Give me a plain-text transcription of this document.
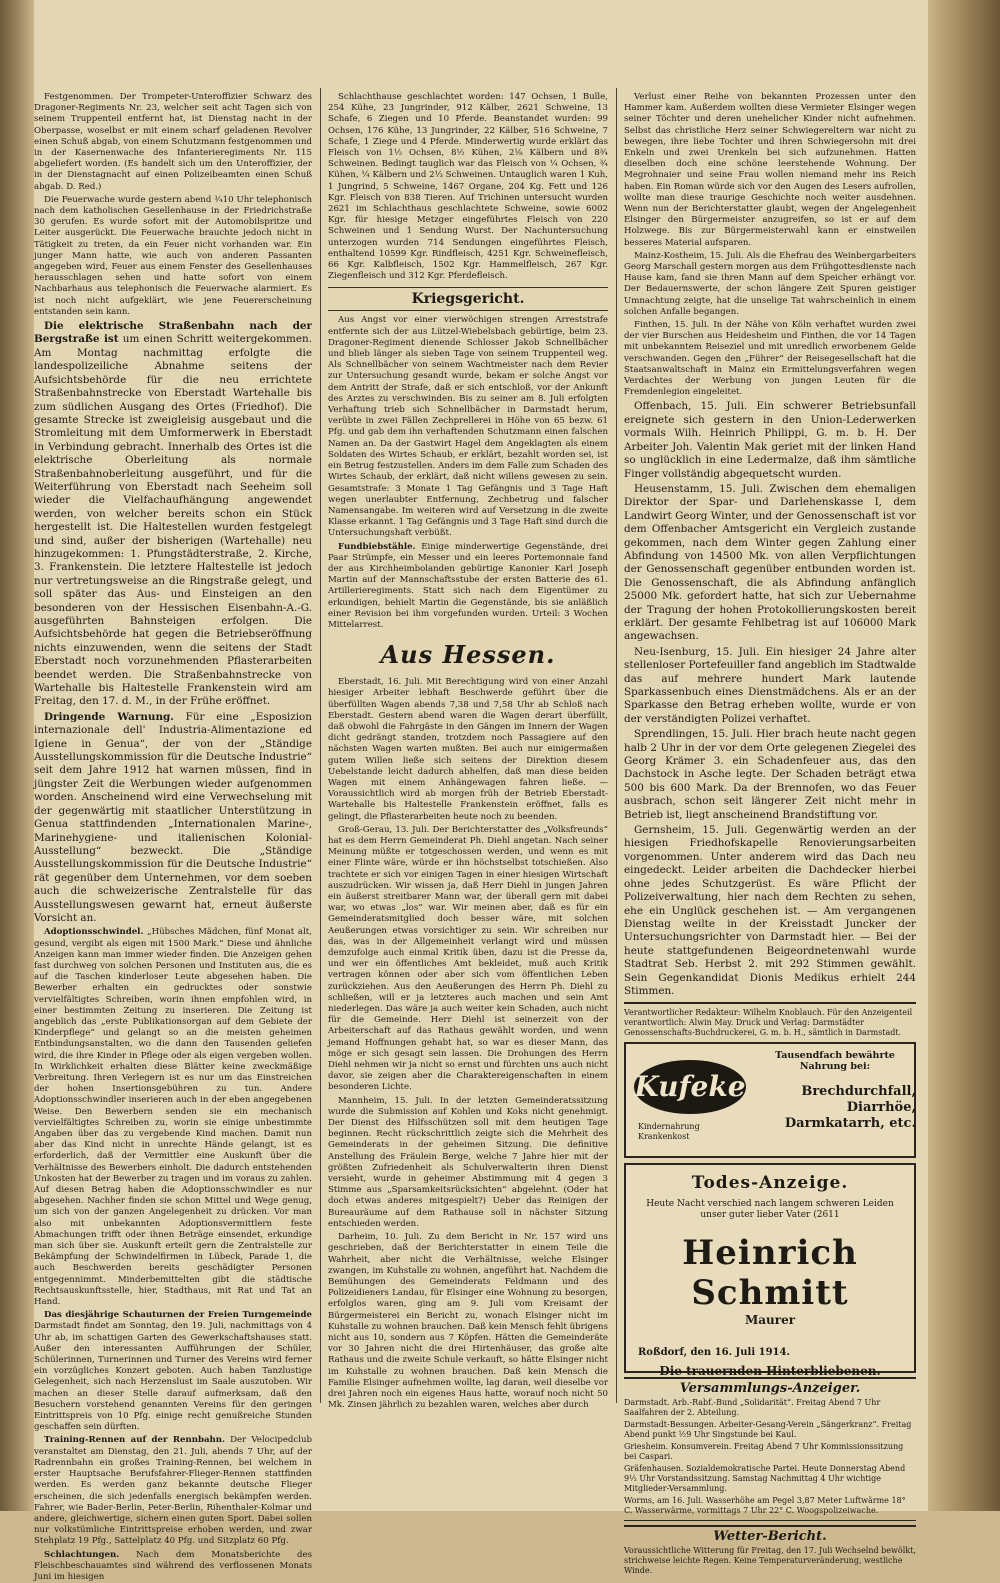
Festgenommen. Der Trompeter-Unteroffizier Schwarz des Dragoner-Regiments Nr. 23, welcher seit acht Tagen sich von seinem Truppenteil entfernt hat, ist Dienstag nacht in der Oberpasse, woselbst er mit einem scharf geladenen Revolver einen Schuß abgab, von einem Schutzmann festgenommen und in der Kasernenwache des Infanterieregiments Nr. 115 abgeliefert worden. (Es handelt sich um den Unteroffizier, der in der Dienstagnacht auf einen Polizeibeamten einen Schuß abgab. D. Red.)

Die Feuerwache wurde gestern abend ¾10 Uhr telephonisch nach dem katholischen Gesellenhause in der Friedrichstraße 30 gerufen. Es wurde sofort mit der Automobilspritze und Leiter ausgerückt. Die Feuerwache brauchte jedoch nicht in Tätigkeit zu treten, da ein Feuer nicht vorhanden war. Ein junger Mann hatte, wie auch von anderen Passanten angegeben wird, Feuer aus einem Fenster des Gesellenhauses herausschlagen sehen und hatte sofort von einem Nachbarhaus aus telephonisch die Feuerwache alarmiert. Es ist noch nicht aufgeklärt, wie jene Feuererscheinung entstanden sein kann.

Die elektrische Straßenbahn nach der Bergstraße ist um einen Schritt weitergekommen. Am Montag nachmittag erfolgte die landespolizeiliche Abnahme seitens der Aufsichtsbehörde für die neu errichtete Straßenbahnstrecke von Eberstadt Wartehalle bis zum südlichen Ausgang des Ortes (Friedhof). Die gesamte Strecke ist zweigleisig ausgebaut und die Stromleitung mit dem Umformerwerk in Eberstadt in Verbindung gebracht. Innerhalb des Ortes ist die elektrische Oberleitung als normale Straßenbahnoberleitung ausgeführt, und für die Weiterführung von Eberstadt nach Seeheim soll wieder die Vielfachaufhängung angewendet werden, von welcher bereits schon ein Stück hergestellt ist. Die Haltestellen wurden festgelegt und sind, außer der bisherigen (Wartehalle) neu hinzugekommen: 1. Pfungstädterstraße, 2. Kirche, 3. Frankenstein. Die letztere Haltestelle ist jedoch nur vertretungsweise an die Ringstraße gelegt, und soll später das Aus- und Einsteigen an den besonderen von der Hessischen Eisenbahn-A.-G. ausgeführten Bahnsteigen erfolgen. Die Aufsichtsbehörde hat gegen die Betriebseröffnung nichts einzuwenden, wenn die seitens der Stadt Eberstadt noch vorzunehmenden Pflasterarbeiten beendet werden. Die Straßenbahnstrecke von Wartehalle bis Haltestelle Frankenstein wird am Freitag, den 17. d. M., in der Frühe eröffnet.

Dringende Warnung. Für eine „Esposizion internazionale dell' Industria-Alimentazione ed Igiene in Genua“, der von der „Ständige Ausstellungskommission für die Deutsche Industrie“ seit dem Jahre 1912 hat warnen müssen, find in jüngster Zeit die Werbungen wieder aufgenommen worden. Anscheinend wird eine Verwechselung mit der gegenwärtig mit staatlicher Unterstützung in Genua stattfindenden „Internationalen Marine-, Marinehygiene- und italienischen Kolonial-Ausstellung“ bezweckt. Die „Ständige Ausstellungskommission für die Deutsche Industrie“ rät gegenüber dem Unternehmen, vor dem soeben auch die schweizerische Zentralstelle für das Ausstellungswesen gewarnt hat, erneut äußerste Vorsicht an.

Adoptionsschwindel. „Hübsches Mädchen, fünf Monat alt, gesund, vergibt als eigen mit 1500 Mark.“ Diese und ähnliche Anzeigen kann man immer wieder finden. Die Anzeigen gehen fast durchweg von solchen Personen und Instituten aus, die es auf die Taschen kinderloser Leute abgesehen haben. Die Bewerber erhalten ein gedrucktes oder sonstwie vervielfältigtes Schreiben, worin ihnen empfohlen wird, in einer bestimmten Zeitung zu inserieren. Die Zeitung ist angeblich das „erste Publikationsorgan auf dem Gebiete der Kinderpflege“ und gelangt so an die meisten geheimen Entbindungsanstalten, wo die dann den Tausenden geliefen wird, die ihre Kinder in Pflege oder als eigen vergeben wollen. In Wirklichkeit erhalten diese Blätter keine zweckmäßige Verbreitung. Ihren Verlegern ist es nur um das Einstreichen der hohen Insertionsgebühren zu tun. Andere Adoptionsschwindler inserieren auch in der eben angegebenen Weise. Den Bewerbern senden sie ein mechanisch vervielfältigtes Schreiben zu, worin sie einige unbestimmte Angaben über das zu vergebende Kind machen. Damit nun aber das Kind nicht in unrechte Hände gelangt, ist es erforderlich, daß der Vermittler eine Auskunft über die Verhältnisse des Bewerbers einholt. Die dadurch entstehenden Unkosten hat der Bewerber zu tragen und im voraus zu zahlen. Auf diesen Betrag haben die Adoptionsschwindler es nur abgesehen. Nachher finden sie schon Mittel und Wege genug, um sich von der ganzen Angelegenheit zu drücken. Vor man also mit unbekannten Adoptionsvermittlern feste Abmachungen trifft oder ihnen Beträge einsendet, erkundige man sich über sie. Auskunft erteilt gern die Zentralstelle zur Bekämpfung der Schwindelfirmen in Lübeck, Parade 1, die auch Beschwerden bereits geschädigter Personen entgegennimmt. Minderbemittelten gibt die städtische Rechtsauskunftsstelle, hier, Stadthaus, mit Rat und Tat an Hand.

Das diesjährige Schauturnen der Freien Turngemeinde Darmstadt findet am Sonntag, den 19. Juli, nachmittags von 4 Uhr ab, im schattigen Garten des Gewerkschaftshauses statt. Außer den interessanten Aufführungen der Schüler, Schülerinnen, Turnerinnen und Turner des Vereins wird ferner ein vorzügliches Konzert geboten. Auch haben Tanzlustige Gelegenheit, sich nach Herzenslust im Saale auszutoben. Wir machen an dieser Stelle darauf aufmerksam, daß den Besuchern vorstehend genannten Vereins für den geringen Eintrittspreis von 10 Pfg. einige recht genußreiche Stunden geschaffen sein dürften.

Training-Rennen auf der Rennbahn. Der Velocipedclub veranstaltet am Dienstag, den 21. Juli, abends 7 Uhr, auf der Radrennbahn ein großes Training-Rennen, bei welchem in erster Hauptsache Berufsfahrer-Flieger-Rennen stattfinden werden. Es werden ganz bekannte deutsche Flieger erscheinen, die sich jedenfalls energisch bekämpfen werden. Fahrer, wie Bader-Berlin, Peter-Berlin, Rihenthaler-Kolmar und andere, gleichwertige, sichern einen guten Sport. Dabei sollen nur volkstümliche Eintrittspreise erhoben werden, und zwar Stehplatz 19 Pfg., Sattelplatz 40 Pfg. und Sitzplatz 60 Pfg.

Schlachtungen. Nach dem Monatsberichte des Fleischbeschauamtes sind während des verflossenen Monats Juni im hiesigen

Schlachthause geschlachtet worden: 147 Ochsen, 1 Bulle, 254 Kühe, 23 Jungrinder, 912 Kälber, 2621 Schweine, 13 Schafe, 6 Ziegen und 10 Pferde. Beanstandet wurden: 99 Ochsen, 176 Kühe, 13 Jungrinder, 22 Kälber, 516 Schweine, 7 Schafe, 1 Ziege und 4 Pferde. Minderwertig wurde erklärt das Fleisch von 1½ Ochsen, 8½ Kühen, 2⅛ Kälbern und 8¾ Schweinen. Bedingt tauglich war das Fleisch von ¼ Ochsen, ¾ Kühen, ¼ Kälbern und 2⅓ Schweinen. Untauglich waren 1 Kuh, 1 Jungrind, 5 Schweine, 1467 Organe, 204 Kg. Fett und 126 Kgr. Fleisch von 838 Tieren. Auf Trichinen untersucht wurden 2621 im Schlachthaus geschlachtete Schweine, sowie 6002 Kgr. für hiesige Metzger eingeführtes Fleisch von 220 Schweinen und 1 Sendung Wurst. Der Nachuntersuchung unterzogen wurden 714 Sendungen eingeführtes Fleisch, enthaltend 10599 Kgr. Rindfleisch, 4251 Kgr. Schweinefleisch, 66 Kgr. Kalbfleisch, 1502 Kgr. Hammelfleisch, 267 Kgr. Ziegenfleisch und 312 Kgr. Pferdefleisch.

Kriegsgericht.

Aus Angst vor einer vierwöchigen strengen Arreststrafe entfernte sich der aus Lützel-Wiebelsbach gebürtige, beim 23. Dragoner-Regiment dienende Schlosser Jakob Schnellbächer und blieb länger als sieben Tage von seinem Truppenteil weg. Als Schnellbächer von seinem Wachtmeister nach dem Revier zur Untersuchung gesandt wurde, bekam er solche Angst vor dem Antritt der Strafe, daß er sich entschloß, vor der Ankunft des Arztes zu verschwinden. Bis zu seiner am 8. Juli erfolgten Verhaftung trieb sich Schnellbächer in Darmstadt herum, verübte in zwei Fällen Zechprellerei in Höhe von 65 bezw. 61 Pfg. und gab dem ihn verhaftenden Schutzmann einen falschen Namen an. Da der Gastwirt Hagel dem Angeklagten als einem Soldaten des Wirtes Schaub, er erklärt, bezahlt worden sei, ist ein Betrug festzustellen. Anders im dem Falle zum Schaden des Wirtes Schaub, der erklärt, daß nicht willens gewesen zu sein. Gesamtstrafe: 3 Monate 1 Tag Gefängnis und 3 Tage Haft wegen unerlaubter Entfernung, Zechbetrug und falscher Namensangabe. Im weiteren wird auf Versetzung in die zweite Klasse erkannt. 1 Tag Gefängnis und 3 Tage Haft sind durch die Untersuchungshaft verbüßt.

Fundbiebstähle. Einige minderwertige Gegenstände, drei Paar Strümpfe, ein Messer und ein leeres Portemonnaie fand der aus Kirchheimbolanden gebürtige Kanonier Karl Joseph Martin auf der Mannschaftsstube der ersten Batterie des 61. Artillerieregiments. Statt sich nach dem Eigentümer zu erkundigen, behielt Martin die Gegenstände, bis sie anläßlich einer Revision bei ihm vorgefunden wurden. Urteil: 3 Wochen Mittelarrest.

Aus Hessen.

Eberstadt, 16. Juli. Mit Berechtigung wird von einer Anzahl hiesiger Arbeiter lebhaft Beschwerde geführt über die überfüllten Wagen abends 7,38 und 7,58 Uhr ab Schloß nach Eberstadt. Gestern abend waren die Wagen derart überfüllt, daß obwohl die Fahrgäste in den Gängen im Innern der Wagen dicht gedrängt standen, trotzdem noch Passagiere auf den nächsten Wagen warten mußten. Bei auch nur einigermaßen gutem Willen ließe sich seitens der Direktion diesem Uebelstande leicht dadurch abhelfen, daß man diese beiden Wagen mit einem Anhängewagen fahren ließe. — Voraussichtlich wird ab morgen früh der Betrieb Eberstadt-Wartehalle bis Haltestelle Frankenstein eröffnet, falls es gelingt, die Pflasterarbeiten heute noch zu beenden.

Groß-Gerau, 13. Juli. Der Berichterstatter des „Volksfreunds“ hat es dem Herrn Gemeinderat Ph. Diehl angetan. Nach seiner Meinung müßte er totgeschossen werden, und wenn es mit einer Flinte wäre, würde er ihn höchstselbst totschießen. Also trachtete er sich vor einigen Tagen in einer hiesigen Wirtschaft auszudrücken. Wir wissen ja, daß Herr Diehl in jungen Jahren ein äußerst streitbarer Mann war, der überall gern mit dabei war, wo etwas „los“ war. Wir meinen aber, daß es für ein Gemeinderatsmitglied doch besser wäre, mit solchen Aeußerungen etwas vorsichtiger zu sein. Wir schreiben nur das, was in der Allgemeinheit verlangt wird und müssen demzufolge auch einmal Kritik üben, dazu ist die Presse da, und wer ein öffentliches Amt bekleidet, muß auch Kritik vertragen können oder aber sich vom öffentlichen Leben zurückziehen. Aus den Aeußerungen des Herrn Ph. Diehl zu schließen, will er ja letzteres auch machen und sein Amt niederlegen. Das wäre ja auch weiter kein Schaden, auch nicht für die Gemeinde. Herr Diehl ist seinerzeit von der Arbeiterschaft auf das Rathaus gewählt worden, und wenn jemand Hoffnungen gehabt hat, so war es dieser Mann, das möge er sich gesagt sein lassen. Die Drohungen des Herrn Diehl nehmen wir ja nicht so ernst und fürchten uns auch nicht davor, sie zeigen aber die Charaktereigenschaften in einem besonderen Lichte.

Mannheim, 15. Juli. In der letzten Gemeinderatssitzung wurde die Submission auf Kohlen und Koks nicht genehmigt. Der Dienst des Hilfsschützen soll mit dem heutigen Tage beginnen. Recht rückschrittlich zeigte sich die Mehrheit des Gemeinderats in der geheimen Sitzung. Die definitive Anstellung des Fräulein Berge, welche 7 Jahre hier mit der größten Zufriedenheit als Schulverwalterin ihren Dienst versieht, wurde in geheimer Abstimmung mit 4 gegen 3 Stimme aus „Sparsamkeitsrücksichten“ abgelehnt. (Oder hat doch etwas anderes mitgespielt?) Ueber das Reinigen der Bureauräume auf dem Rathause soll in nächster Sitzung entschieden werden.

Darheim, 10. Juli. Zu dem Bericht in Nr. 157 wird uns geschrieben, daß der Berichterstatter in einem Teile die Wahrheit, aber nicht die Verhältnisse, welche Elsinger zwangen, im Kuhstalle zu wohnen, angeführt hat. Nachdem die Bemühungen des Gemeinderats Feldmann und des Polizeidieners Landau, für Elsinger eine Wohnung zu besorgen, erfolglos waren, ging am 9. Juli vom Kreisamt der Bürgermeisterei ein Bericht zu, wonach Elsinger nicht im Kuhstalle zu wohnen brauchen. Daß kein Mensch fehlt übrigens nicht aus 10, sondern aus 7 Köpfen. Hätten die Gemeinderäte vor 30 Jahren nicht die drei Hirtenhäuser, das große alte Rathaus und die zweite Schule verkauft, so hätte Elsinger nicht im Kuhstalle zu wohnen brauchen. Daß kein Mensch die Familie Elsinger aufnehmen wollte, lag daran, weil dieselbe vor drei Jahren noch ein eigenes Haus hatte, worauf noch nicht 50 Mk. Zinsen jährlich zu bezahlen waren, welches aber durch

Verlust einer Reihe von bekannten Prozessen unter den Hammer kam. Außerdem wollten diese Vermieter Elsinger wegen seiner Töchter und deren unehelicher Kinder nicht aufnehmen. Selbst das christliche Herz seiner Schwiegereltern war nicht zu bewegen, ihre liebe Tochter und ihren Schwiegersohn mit drei Enkeln und zwei Urenkeln bei sich aufzunehmen. Hatten dieselben doch eine schöne leerstehende Wohnung. Der Megrohnaier und seine Frau wollen niemand mehr ins Reich haben. Ein Roman würde sich vor den Augen des Lesers aufrollen, wollte man diese traurige Geschichte noch weiter ausdehnen. Wenn nun der Berichterstatter glaubt, wegen der Angelegenheit Elsinger den Bürgermeister anzugreifen, so ist er auf dem Holzwege. Bis zur Bürgermeisterwahl kann er einstweilen besseres Material aufsparen.

Mainz-Kostheim, 15. Juli. Als die Ehefrau des Weinbergarbeiters Georg Marschall gestern morgen aus dem Frühgottesdienste nach Hause kam, fand sie ihren Mann auf dem Speicher erhängt vor. Der Bedauernswerte, der schon längere Zeit Spuren geistiger Umnachtung zeigte, hat die unselige Tat wahrscheinlich in einem solchen Anfalle begangen.

Finthen, 15. Juli. In der Nähe von Köln verhaftet wurden zwei der vier Burschen aus Heidesheim und Finthen, die vor 14 Tagen mit unbekanntem Reiseziel und mit unredlich erworbenem Gelde verschwanden. Gegen den „Führer“ der Reisegesellschaft hat die Staatsanwaltschaft in Mainz ein Ermittelungsverfahren wegen Verdachtes der Werbung von jungen Leuten für die Fremdenlegion eingeleitet.

Offenbach, 15. Juli. Ein schwerer Betriebsunfall ereignete sich gestern in den Union-Lederwerken vormals Wilh. Heinrich Philippi, G. m. b. H. Der Arbeiter Joh. Valentin Mak geriet mit der linken Hand so unglücklich in eine Ledermalze, daß ihm sämtliche Finger vollständig abgequetscht wurden.

Heusenstamm, 15. Juli. Zwischen dem ehemaligen Direktor der Spar- und Darlehenskasse I, dem Landwirt Georg Winter, und der Genossenschaft ist vor dem Offenbacher Amtsgericht ein Vergleich zustande gekommen, nach dem Winter gegen Zahlung einer Abfindung von 14500 Mk. von allen Verpflichtungen der Genossenschaft gegenüber entbunden worden ist. Die Genossenschaft, die als Abfindung anfänglich 25000 Mk. gefordert hatte, hat sich zur Uebernahme der Tragung der hohen Protokollierungskosten bereit erklärt. Der gesamte Fehlbetrag ist auf 106000 Mark angewachsen.

Neu-Isenburg, 15. Juli. Ein hiesiger 24 Jahre alter stellenloser Portefeuiller fand angeblich im Stadtwalde das auf mehrere hundert Mark lautende Sparkassenbuch eines Dienstmädchens. Als er an der Sparkasse den Betrag erheben wollte, wurde er von der verständigten Polizei verhaftet.

Sprendlingen, 15. Juli. Hier brach heute nacht gegen halb 2 Uhr in der vor dem Orte gelegenen Ziegelei des Georg Krämer 3. ein Schadenfeuer aus, das den Dachstock in Asche legte. Der Schaden beträgt etwa 500 bis 600 Mark. Da der Brennofen, wo das Feuer ausbrach, schon seit längerer Zeit nicht mehr in Betrieb ist, liegt anscheinend Brandstiftung vor.

Gernsheim, 15. Juli. Gegenwärtig werden an der hiesigen Friedhofskapelle Renovierungsarbeiten vorgenommen. Unter anderem wird das Dach neu eingedeckt. Leider arbeiten die Dachdecker hierbei ohne jedes Schutzgerüst. Es wäre Pflicht der Polizeiverwaltung, hier nach dem Rechten zu sehen, ehe ein Unglück geschehen ist. — Am vergangenen Dienstag weilte in der Kreisstadt Juncker der Untersuchungsrichter von Darmstadt hier. — Bei der heute stattgefundenen Beigeordnetenwahl wurde Stadtrat Seb. Herbst 2. mit 292 Stimmen gewählt. Sein Gegenkandidat Dionis Medikus erhielt 244 Stimmen.

Verantwortlicher Redakteur: Wilhelm Knoblauch. Für den Anzeigenteil verantwortlich: Alwin May. Druck und Verlag: Darmstädter Genossenschafts-Buchdruckerei, G. m. b. H., sämtlich in Darmstadt.

Kufeke
Kindernahrung
Krankenkost
Tausendfach bewährte Nahrung bei:
Brechdurchfall,
Diarrhöe,
Darmkatarrh, etc.
Todes-Anzeige.
Heute Nacht verschied nach langem schweren Leiden unser guter lieber Vater (2611
Heinrich Schmitt
Maurer
Roßdorf, den 16. Juli 1914.
Die trauernden Hinterbliebenen.
Versammlungs-Anzeiger.

Darmstadt. Arb.-Rabf.-Bund „Solidarität“. Freitag Abend 7 Uhr Saalfahren der 2. Abteilung.

Darmstadt-Bessungen. Arbeiter-Gesang-Verein „Sängerkranz“. Freitag Abend punkt ½9 Uhr Singstunde bei Kaul.

Griesheim. Konsumverein. Freitag Abend 7 Uhr Kommissionssitzung bei Caspari.

Gräfenhausen. Sozialdemokratische Partei. Heute Donnerstag Abend 9½ Uhr Vorstandssitzung. Samstag Nachmittag 4 Uhr wichtige Mitglieder-Versammlung.

Worms, am 16. Juli. Wasserhöhe am Pegel 3,87 Meter Luftwärme 18° C. Wasserwärme, vormittags 7 Uhr 22° C. Woogspolizeiwache.

Wetter-Bericht.

Voraussichtliche Witterung für Freitag, den 17. Juli Wechselnd bewölkt, strichweise leichte Regen. Keine Temperaturveränderung, westliche Winde.
